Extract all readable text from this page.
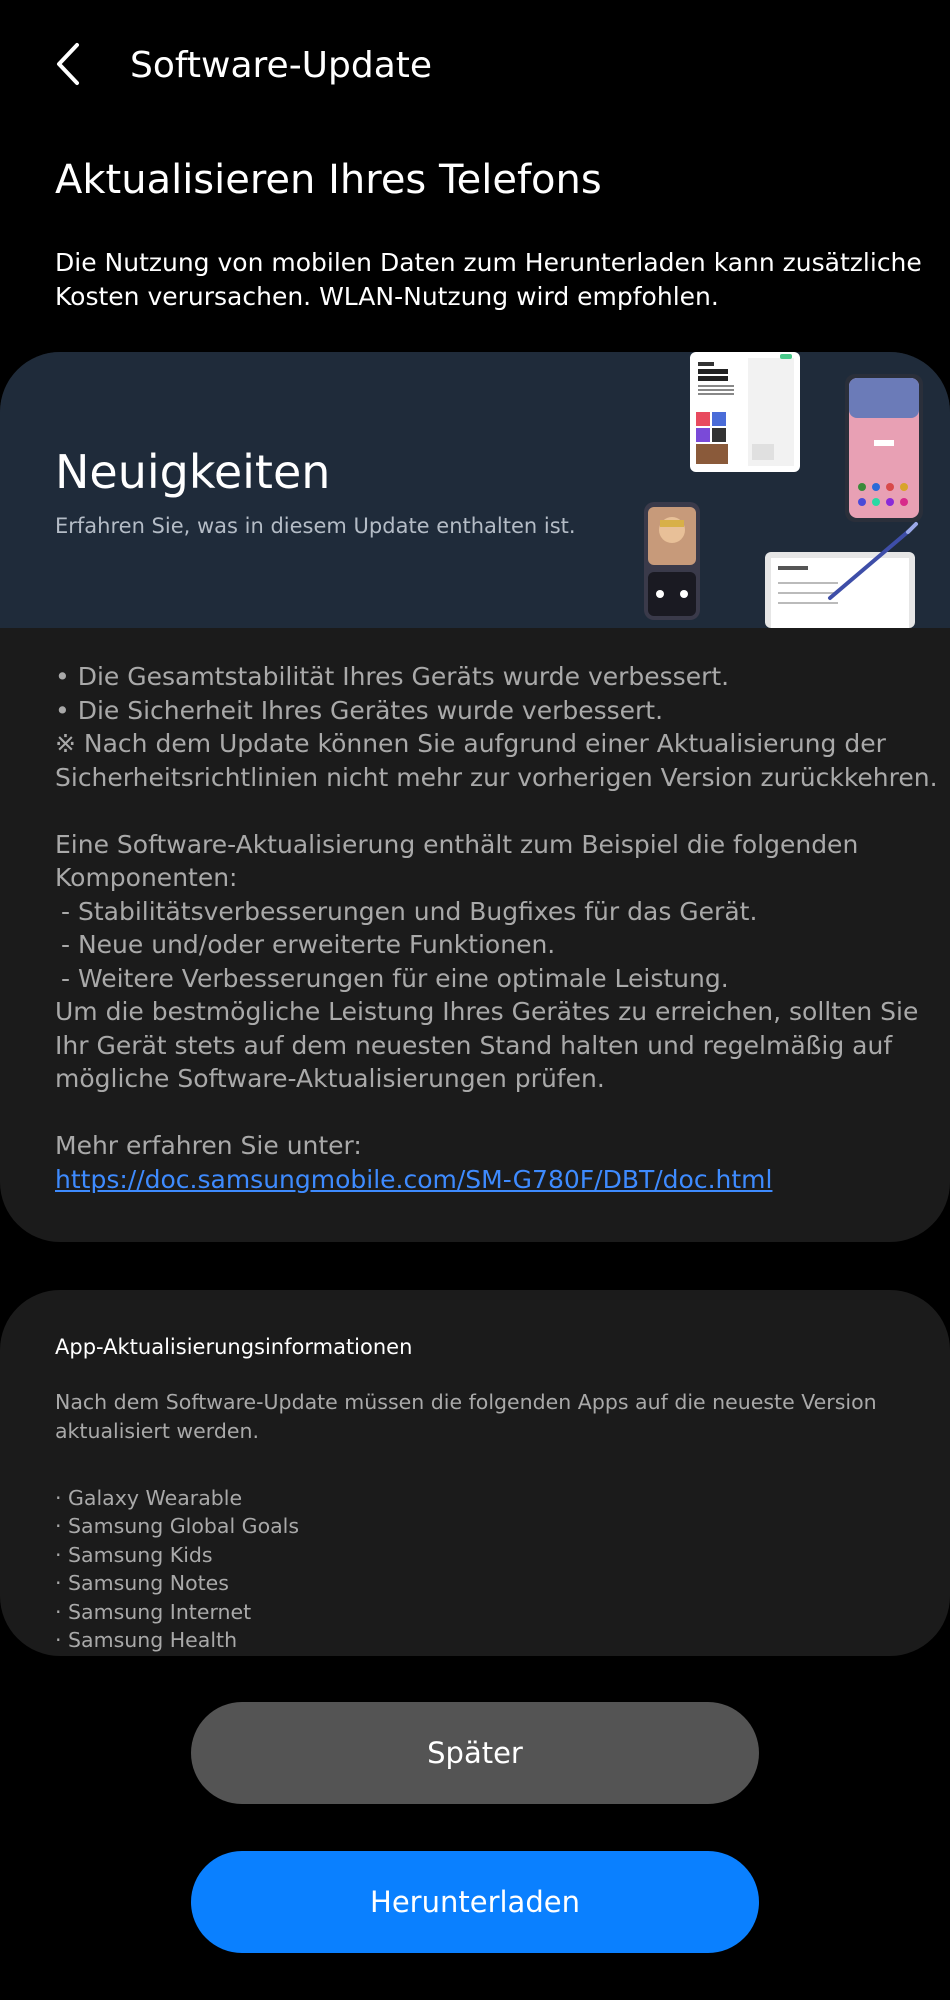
Software-Update
Aktualisieren Ihres Telefons
Die Nutzung von mobilen Daten zum Herunterladen kann zusätzliche
Kosten verursachen. WLAN-Nutzung wird empfohlen.
Neuigkeiten
Erfahren Sie, was in diesem Update enthalten ist.
• Die Gesamtstabilität Ihres Geräts wurde verbessert.
• Die Sicherheit Ihres Gerätes wurde verbessert.
※ Nach dem Update können Sie aufgrund einer Aktualisierung der
Sicherheitsrichtlinien nicht mehr zur vorherigen Version zurückkehren.
Eine Software-Aktualisierung enthält zum Beispiel die folgenden
Komponenten:
- Stabilitätsverbesserungen und Bugfixes für das Gerät.
- Neue und/oder erweiterte Funktionen.
- Weitere Verbesserungen für eine optimale Leistung.
Um die bestmögliche Leistung Ihres Gerätes zu erreichen, sollten Sie
Ihr Gerät stets auf dem neuesten Stand halten und regelmäßig auf
mögliche Software-Aktualisierungen prüfen.
Mehr erfahren Sie unter:
https://doc.samsungmobile.com/SM-G780F/DBT/doc.html
App-Aktualisierungsinformationen
Nach dem Software-Update müssen die folgenden Apps auf die neueste Version
aktualisiert werden.
· Galaxy Wearable
· Samsung Global Goals
· Samsung Kids
· Samsung Notes
· Samsung Internet
· Samsung Health
Später
Herunterladen
